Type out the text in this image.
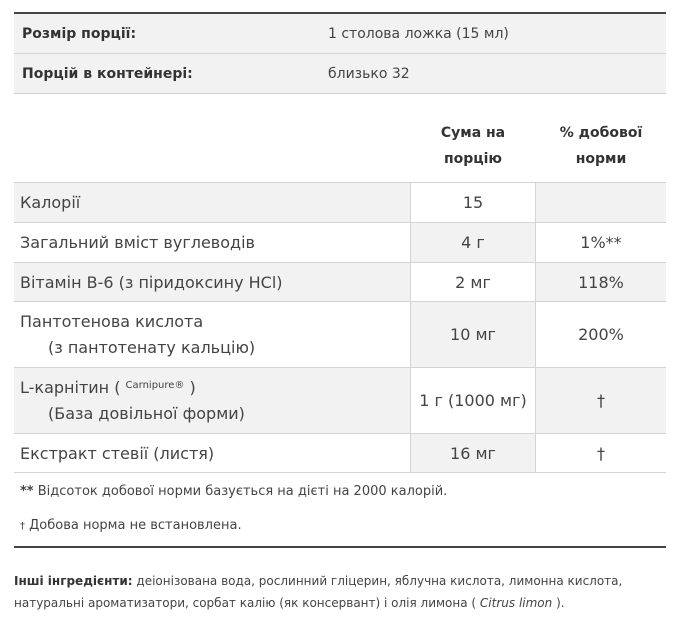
Розмір порції:	1 столова ложка (15 мл)
Порцій в контейнері:	близько 32
Сума на
порцію
% добової
норми
Калорії	15
Загальний вміст вуглеводів	4 г	1%**
Вітамін B-6 (з піридоксину HCl)	2 мг	118%
Пантотенова кислота
(з пантотенату кальцію)
10 мг	200%
L-карнітин ( $^{Carnipure®}$ )
(База довільної форми)
1 г (1000 мг)	†
Екстракт стевії (листя)	16 мг	†
** Відсоток добової норми базується на дієті на 2000 калорій.
† Добова норма не встановлена.
Інші інгредієнти: деіонізована вода, рослинний гліцерин, яблучна кислота, лимонна кислота,
натуральні ароматизатори, сорбат калію (як консервант) і олія лимона ( Citrus limon ).
